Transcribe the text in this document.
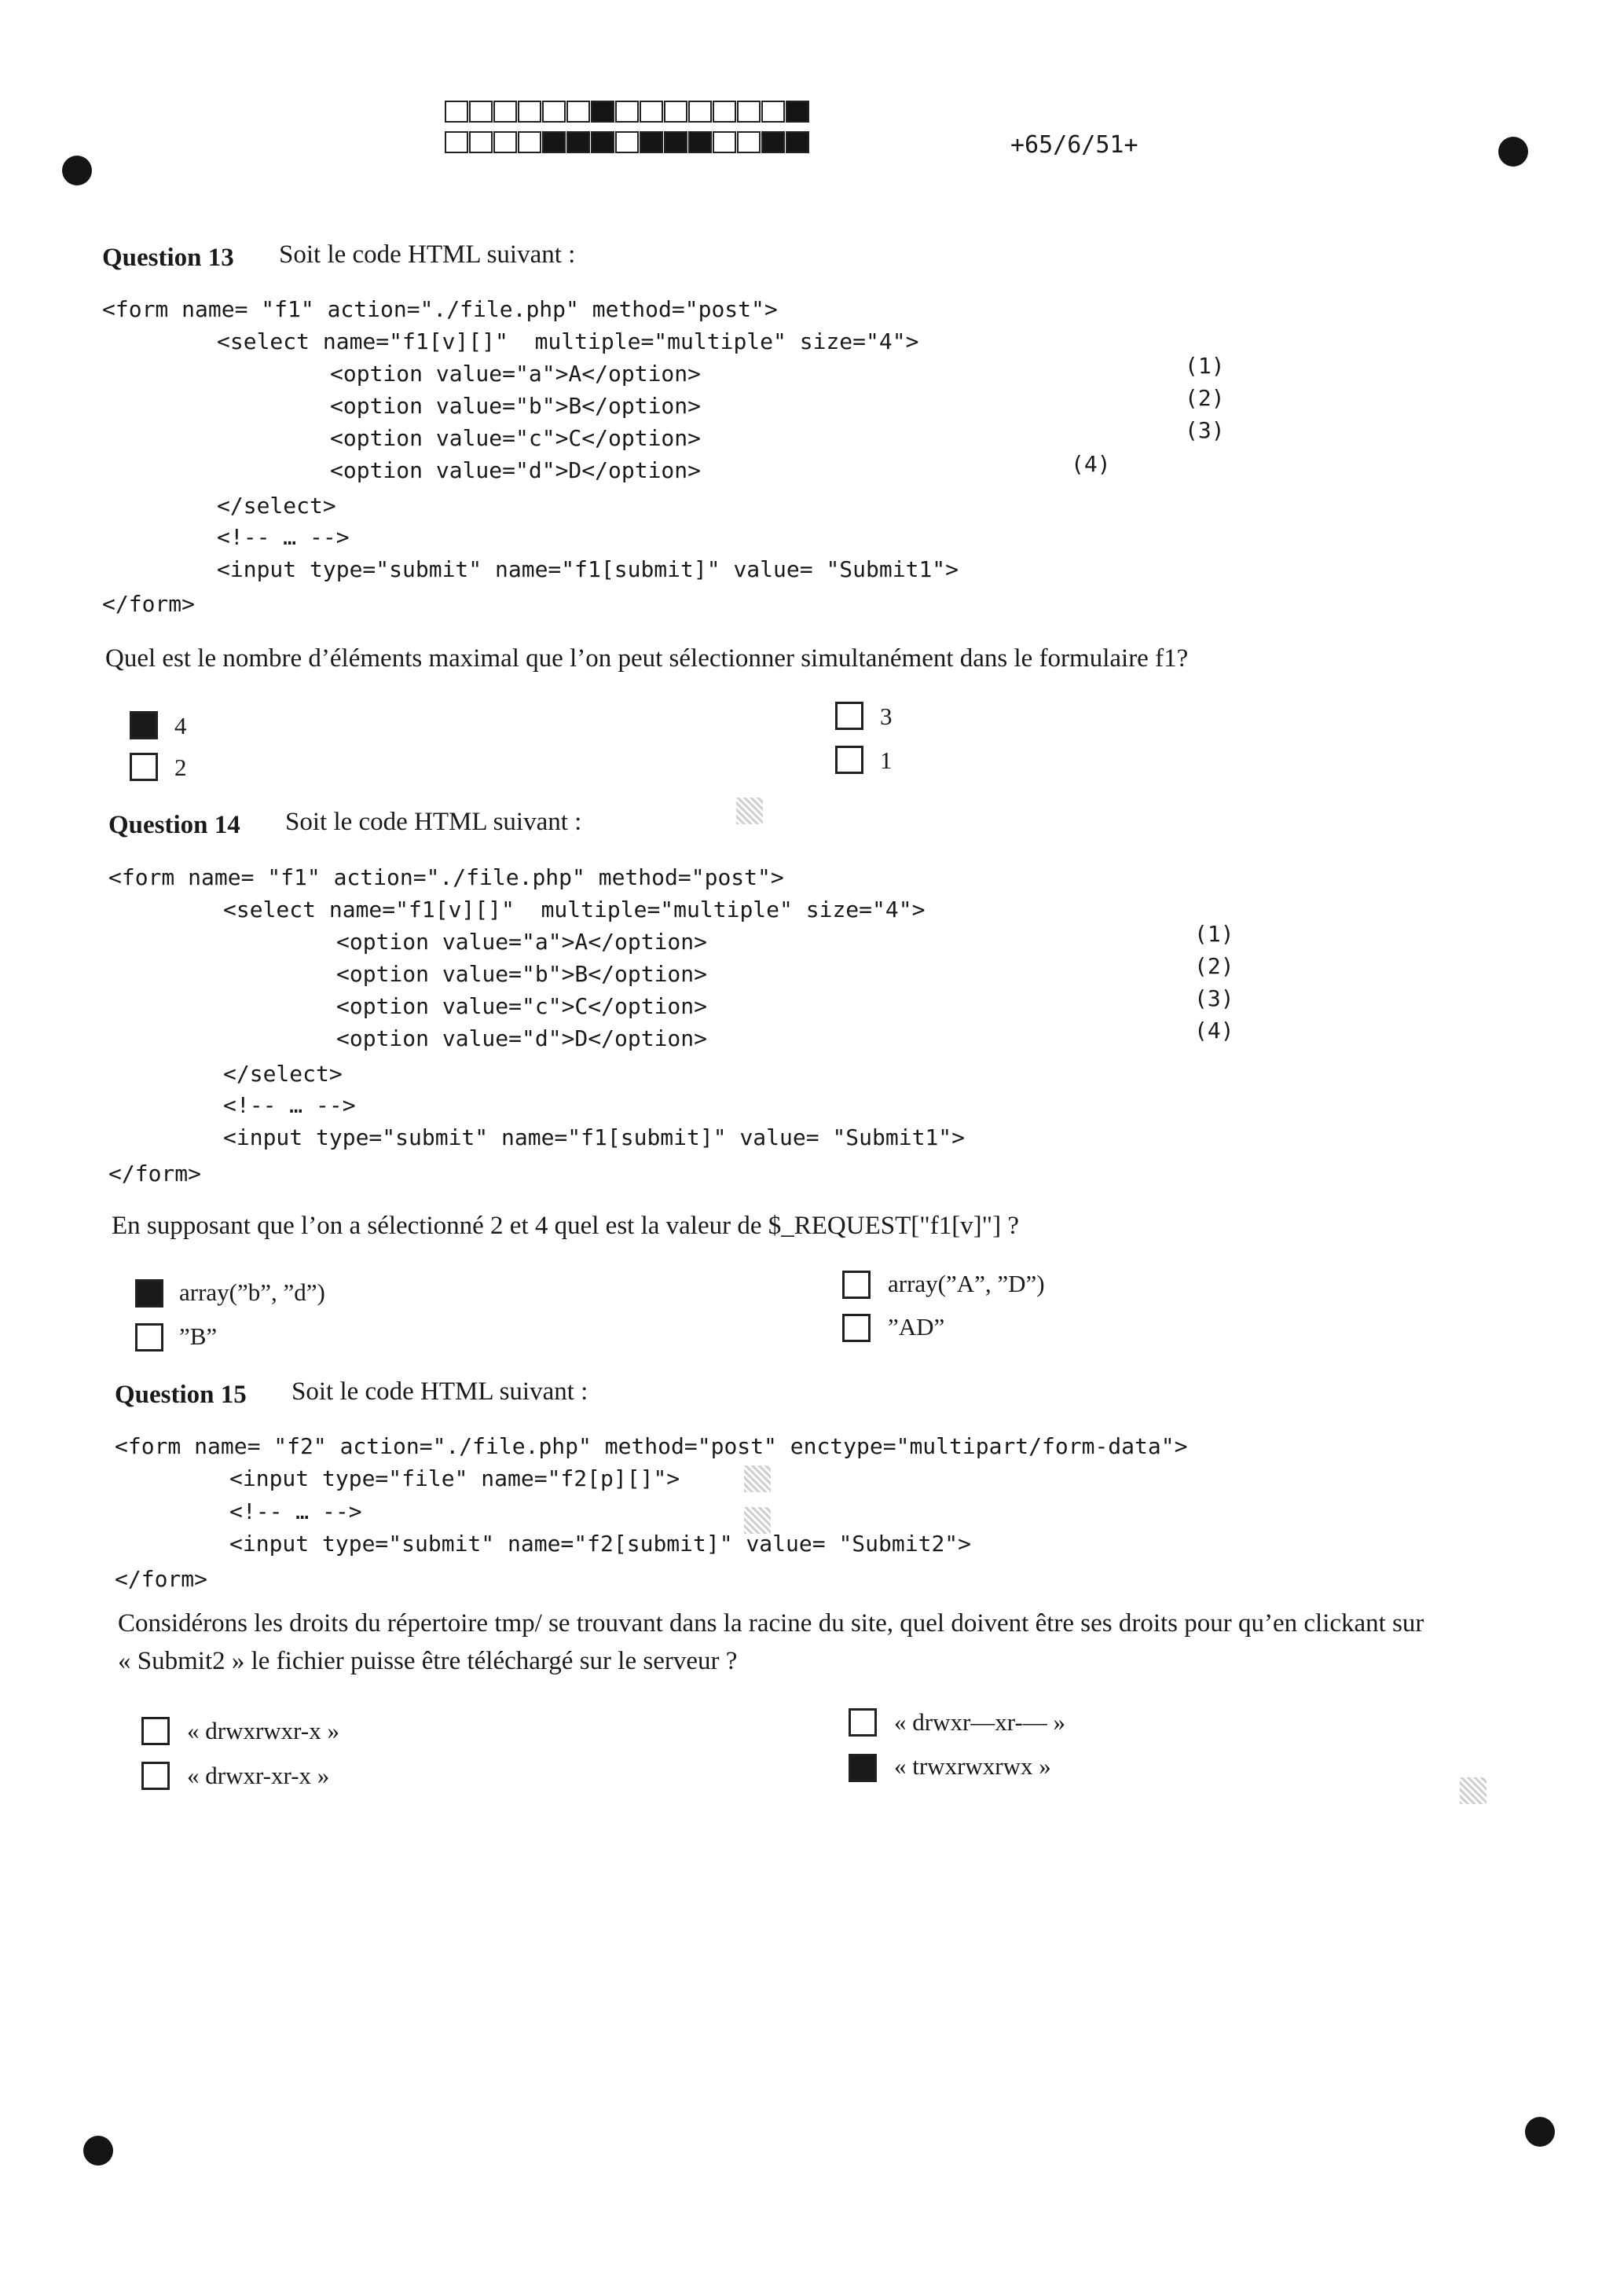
+65/6/51+
Question 13 Soit le code HTML suivant :
<form name= "f1" action="./file.php" method="post">
<select name="f1[v][]"  multiple="multiple" size="4">
<option value="a">A</option>
<option value="b">B</option>
<option value="c">C</option>
<option value="d">D</option>
</select>
<!-- … -->
<input type="submit" name="f1[submit]" value= "Submit1">
</form>
(1)
(2)
(3)
(4)
Quel est le nombre d’éléments maximal que l’on peut sélectionner simultanément dans le formulaire f1?
4	3
2	1
Question 14 Soit le code HTML suivant :
<form name= "f1" action="./file.php" method="post">
<select name="f1[v][]"  multiple="multiple" size="4">
<option value="a">A</option>
<option value="b">B</option>
<option value="c">C</option>
<option value="d">D</option>
</select>
<!-- … -->
<input type="submit" name="f1[submit]" value= "Submit1">
</form>
(1)
(2)
(3)
(4)
En supposant que l’on a sélectionné 2 et 4 quel est la valeur de $_REQUEST["f1[v]"] ?
array(”b”, ”d”)	array(”A”, ”D”)
”B”	”AD”
Question 15 Soit le code HTML suivant :
<form name= "f2" action="./file.php" method="post" enctype="multipart/form-data">
<input type="file" name="f2[p][]">
<!-- … -->
<input type="submit" name="f2[submit]" value= "Submit2">
</form>
Considérons les droits du répertoire tmp/ se trouvant dans la racine du site, quel doivent être ses droits pour qu’en clickant sur
« Submit2 » le fichier puisse être téléchargé sur le serveur ?
« drwxrwxr-x »	« drwxr—xr-— »
« drwxr-xr-x »	« trwxrwxrwx »
